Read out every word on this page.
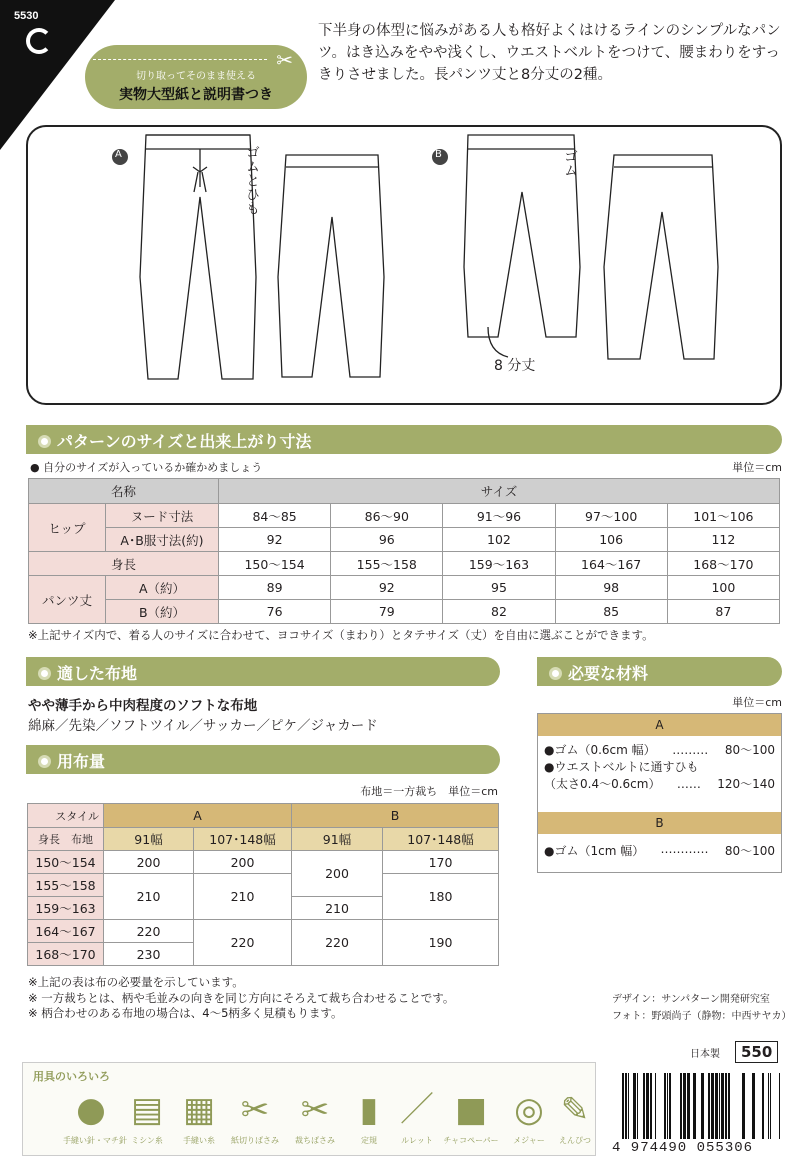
5530
✂
切り取ってそのまま使える
実物大型紙と説明書つき
下半身の体型に悩みがある人も格好よくはけるラインのシンプルなパンツ。はき込みをやや浅くし、ウエストベルトをつけて、腰まわりをすっきりさせました。長パンツ丈と8分丈の2種。
A	B
ゴムとひも	ゴム
8 分丈
パターンのサイズと出来上がり寸法
● 自分のサイズが入っているか確かめましょう	単位＝cm
名称		サイズ				
ヒップ	ヌード寸法	84〜85	86〜90	91〜96	97〜100	101〜106
	A･B服寸法(約)	92	96	102	106	112
身長		150〜154	155〜158	159〜163	164〜167	168〜170
パンツ丈	A（約）	89	92	95	98	100
	B（約）	76	79	82	85	87
※上記サイズ内で、着る人のサイズに合わせて、ヨコサイズ（まわり）とタテサイズ（丈）を自由に選ぶことができます。
適した布地
やや薄手から中肉程度のソフトな布地
綿麻／先染／ソフトツイル／サッカー／ピケ／ジャカード
用布量
布地＝一方裁ち　単位＝cm
スタイル	A		B	
身長　 布地	91幅	107･148幅	91幅	107･148幅
150〜154	200	200	200	170
155〜158	210	210		180
159〜163			210	
164〜167	220	220	220	190
168〜170	230			
※上記の表は布の必要量を示しています。
※ 一方裁ちとは、柄や毛並みの向きを同じ方向にそろえて裁ち合わせることです。
※ 柄合わせのある布地の場合は、4〜5柄多く見積もります。
必要な材料
単位＝cm
A
●ゴム（0.6cm 幅）	………	80〜100
●ウエストベルトに通すひも
（太さ0.4〜0.6cm）	……	120〜140
B
●ゴム（1cm 幅）	…………	80〜100
デザイン：サンパターン開発研究室
フォト：野頭尚子（静物：中西サヤカ）
日本製	550
用具のいろいろ
●
手縫い針・マチ針
▤
ミシン糸
▦
手縫い糸
✂
紙切りばさみ
✂
裁ちばさみ
▮
定規
／
ルレット
■
チャコペーパー
◎
メジャー
✎
えんぴつ	4 974490 055306
